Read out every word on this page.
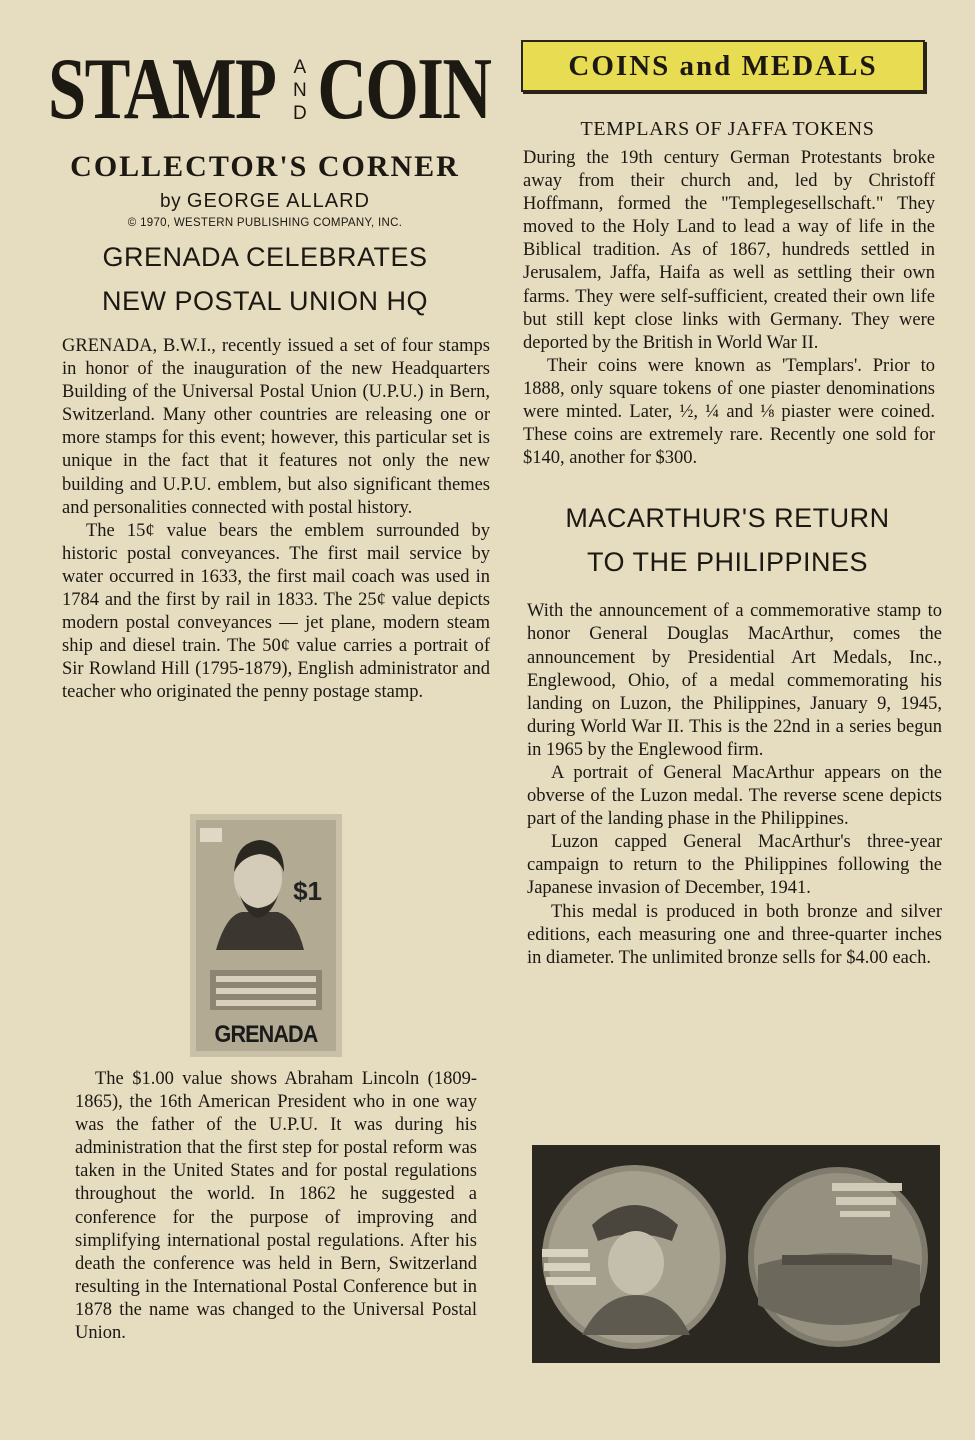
STAMP A
N
D COIN
COLLECTOR'S CORNER
by GEORGE ALLARD
© 1970, WESTERN PUBLISHING COMPANY, INC.
GRENADA CELEBRATES
NEW POSTAL UNION HQ

GRENADA, B.W.I., recently issued a set of four stamps in honor of the inauguration of the new Headquarters Building of the Universal Postal Union (U.P.U.) in Bern, Switzerland. Many other countries are releasing one or more stamps for this event; however, this particular set is unique in the fact that it features not only the new building and U.P.U. emblem, but also significant themes and personalities connected with postal history.

The 15¢ value bears the emblem surrounded by historic postal conveyances. The first mail service by water occurred in 1633, the first mail coach was used in 1784 and the first by rail in 1833. The 25¢ value depicts modern postal conveyances — jet plane, modern steam ship and diesel train. The 50¢ value carries a portrait of Sir Rowland Hill (1795-1879), English administrator and teacher who originated the penny postage stamp.

$1
GRENADA

The $1.00 value shows Abraham Lincoln (1809-1865), the 16th American President who in one way was the father of the U.P.U. It was during his administration that the first step for postal reform was taken in the United States and for postal regulations throughout the world. In 1862 he suggested a conference for the purpose of improving and simplifying international postal regulations. After his death the conference was held in Bern, Switzerland resulting in the International Postal Conference but in 1878 the name was changed to the Universal Postal Union.

COINS and MEDALS
TEMPLARS OF JAFFA TOKENS

During the 19th century German Protestants broke away from their church and, led by Christoff Hoffmann, formed the "Templegesellschaft." They moved to the Holy Land to lead a way of life in the Biblical tradition. As of 1867, hundreds settled in Jerusalem, Jaffa, Haifa as well as settling their own farms. They were self-sufficient, created their own life but still kept close links with Germany. They were deported by the British in World War II.

Their coins were known as 'Templars'. Prior to 1888, only square tokens of one piaster denominations were minted. Later, ½, ¼ and ⅛ piaster were coined. These coins are extremely rare. Recently one sold for $140, another for $300.

MACARTHUR'S RETURN
TO THE PHILIPPINES

With the announcement of a commemorative stamp to honor General Douglas MacArthur, comes the announcement by Presidential Art Medals, Inc., Englewood, Ohio, of a medal commemorating his landing on Luzon, the Philippines, January 9, 1945, during World War II. This is the 22nd in a series begun in 1965 by the Englewood firm.

A portrait of General MacArthur appears on the obverse of the Luzon medal. The reverse scene depicts part of the landing phase in the Philippines.

Luzon capped General MacArthur's three-year campaign to return to the Philippines following the Japanese invasion of December, 1941.

This medal is produced in both bronze and silver editions, each measuring one and three-quarter inches in diameter. The unlimited bronze sells for $4.00 each.
